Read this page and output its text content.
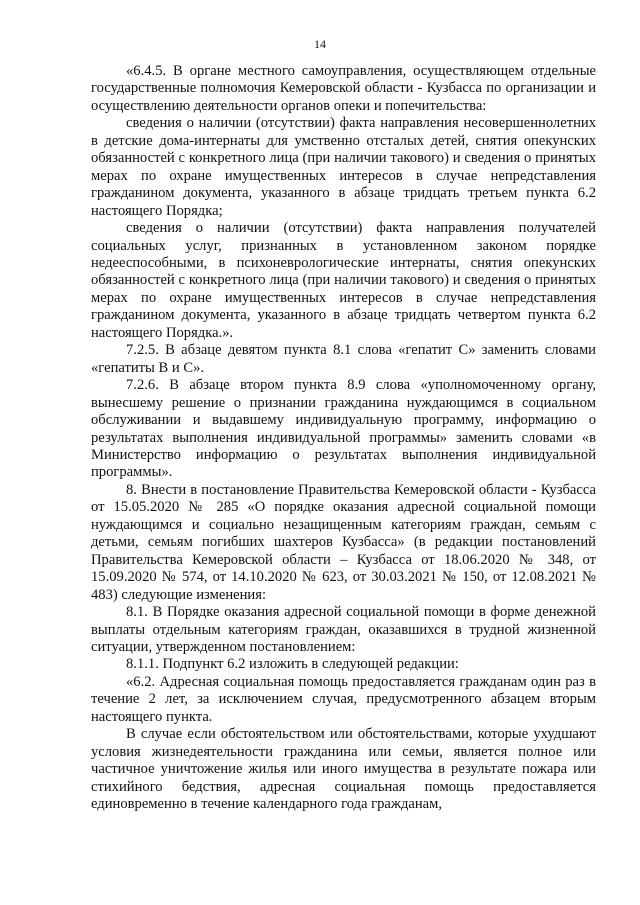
14

«6.4.5. В органе местного самоуправления, осуществляющем отдельные государственные полномочия Кемеровской области - Кузбасса по организации и осуществлению деятельности органов опеки и попечительства:

сведения о наличии (отсутствии) факта направления несовершеннолетних в детские дома-интернаты для умственно отсталых детей, снятия опекунских обязанностей с конкретного лица (при наличии такового) и сведения о принятых мерах по охране имущественных интересов в случае непредставления гражданином документа, указанного в абзаце тридцать третьем пункта 6.2 настоящего Порядка;

сведения о наличии (отсутствии) факта направления получателей социальных услуг, признанных в установленном законом порядке недееспособными, в психоневрологические интернаты, снятия опекунских обязанностей с конкретного лица (при наличии такового) и сведения о принятых мерах по охране имущественных интересов в случае непредставления гражданином документа, указанного в абзаце тридцать четвертом пункта 6.2 настоящего Порядка.».

7.2.5. В абзаце девятом пункта 8.1 слова «гепатит С» заменить словами «гепатиты В и С».

7.2.6. В абзаце втором пункта 8.9 слова «уполномоченному органу, вынесшему решение о признании гражданина нуждающимся в социальном обслуживании и выдавшему индивидуальную программу, информацию о результатах выполнения индивидуальной программы» заменить словами «в Министерство информацию о результатах выполнения индивидуальной программы».

8. Внести в постановление Правительства Кемеровской области - Кузбасса от 15.05.2020 № 285 «О порядке оказания адресной социальной помощи нуждающимся и социально незащищенным категориям граждан, семьям с детьми, семьям погибших шахтеров Кузбасса» (в редакции постановлений Правительства Кемеровской области – Кузбасса от 18.06.2020 № 348, от 15.09.2020 № 574, от 14.10.2020 № 623, от 30.03.2021 № 150, от 12.08.2021 № 483) следующие изменения:

8.1. В Порядке оказания адресной социальной помощи в форме денежной выплаты отдельным категориям граждан, оказавшихся в трудной жизненной ситуации, утвержденном постановлением:

8.1.1. Подпункт 6.2 изложить в следующей редакции:

«6.2. Адресная социальная помощь предоставляется гражданам один раз в течение 2 лет, за исключением случая, предусмотренного абзацем вторым настоящего пункта.

В случае если обстоятельством или обстоятельствами, которые ухудшают условия жизнедеятельности гражданина или семьи, является полное или частичное уничтожение жилья или иного имущества в результате пожара или стихийного бедствия, адресная социальная помощь предоставляется единовременно в течение календарного года гражданам,
